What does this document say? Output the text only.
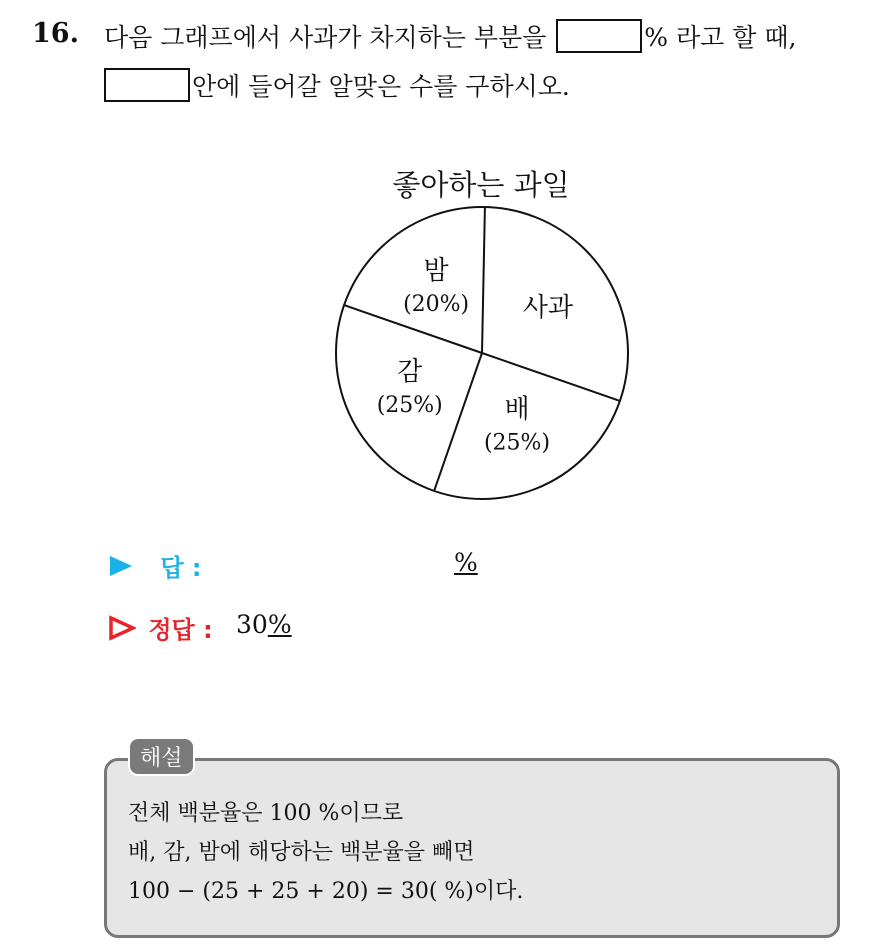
16. 다음 그래프에서 사과가 차지하는 부분을	% 라고 할 때,
안에 들어갈 알맞은 수를 구하시오.
좋아하는 과일
사과
배
(25%)
감
(25%)
밤
(20%)
답 :	%
정답 : 30%
해설
전체 백분율은 100 %이므로
배, 감, 밤에 해당하는 백분율을 빼면
100 − (25 + 25 + 20) = 30( %)이다.
